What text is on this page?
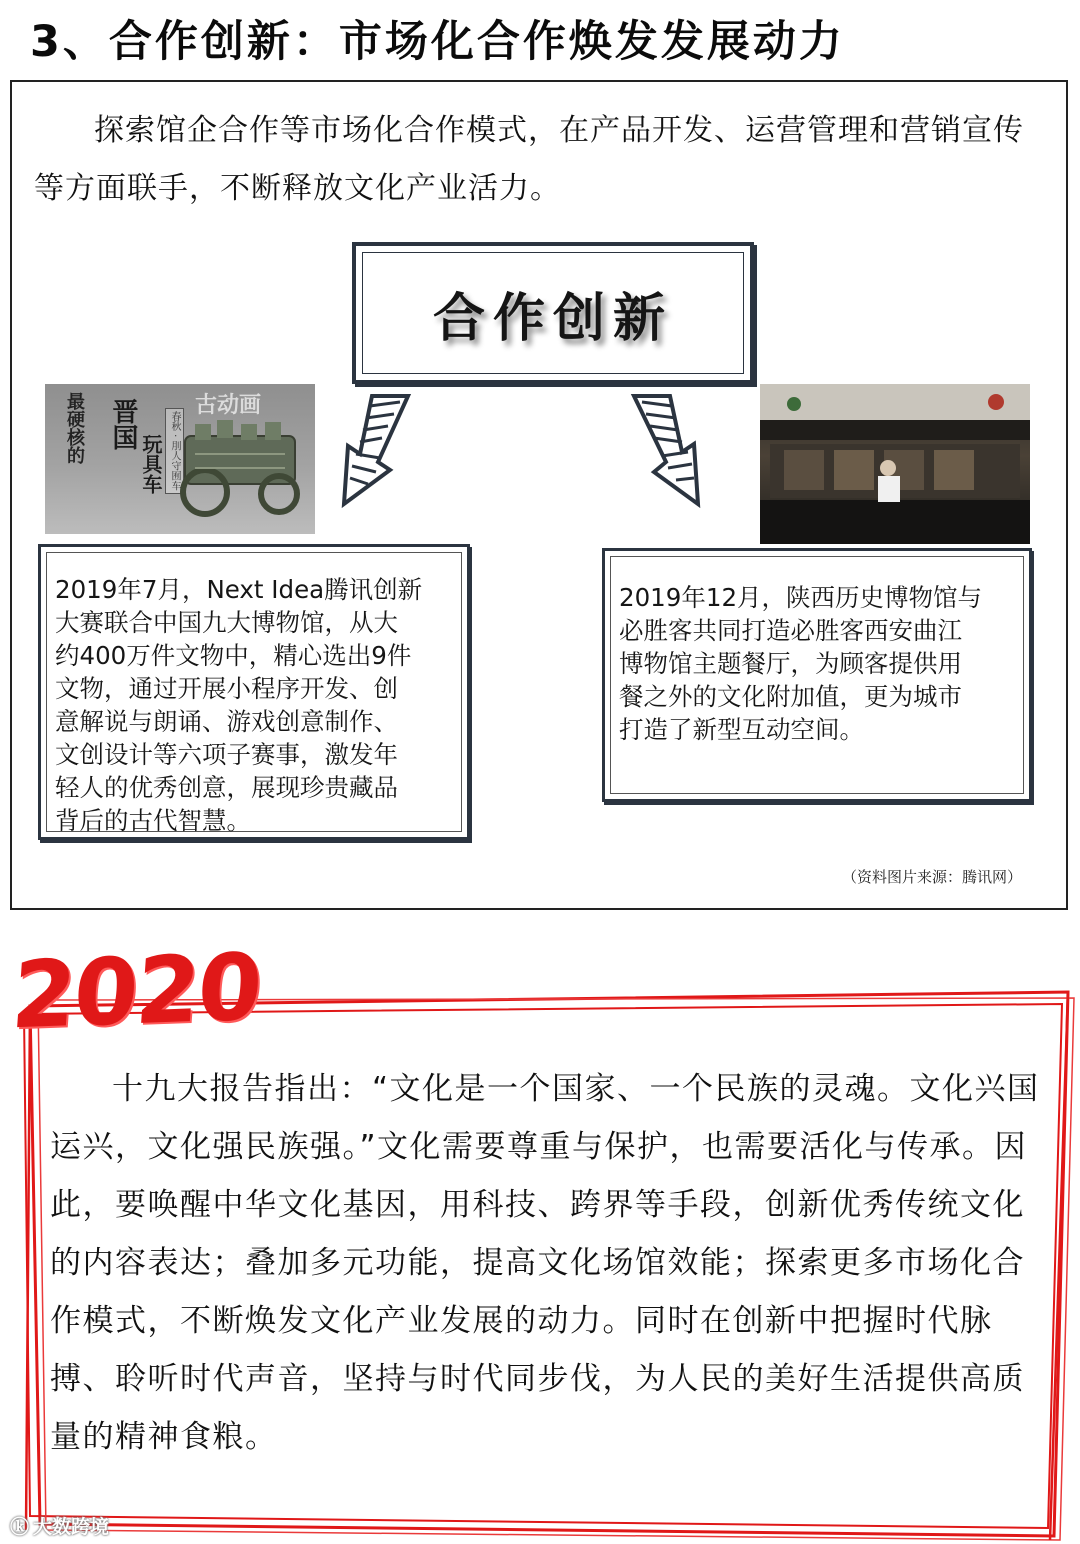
3、合作创新：市场化合作焕发发展动力

探索馆企合作等市场化合作模式，在产品开发、运营管理和营销宣传等方面联手，不断释放文化产业活力。

合作创新
最硬核的 晋国
玩具车 春秋 · 刖人守囿车
古动画

2019年7月，Next Idea腾讯创新
大赛联合中国九大博物馆，从大
约400万件文物中，精心选出9件
文物，通过开展小程序开发、创
意解说与朗诵、游戏创意制作、
文创设计等六项子赛事，激发年
轻人的优秀创意，展现珍贵藏品
背后的古代智慧。

2019年12月，陕西历史博物馆与
必胜客共同打造必胜客西安曲江
博物馆主题餐厅，为顾客提供用
餐之外的文化附加值，更为城市
打造了新型互动空间。

（资料图片来源：腾讯网）
2020

十九大报告指出：“文化是一个国家、一个民族的灵魂。文化兴国运兴，文化强民族强。”文化需要尊重与保护，也需要活化与传承。因此，要唤醒中华文化基因，用科技、跨界等手段，创新优秀传统文化的内容表达；叠加多元功能，提高文化场馆效能；探索更多市场化合作模式，不断焕发文化产业发展的动力。同时在创新中把握时代脉搏、聆听时代声音，坚持与时代同步伐，为人民的美好生活提供高质量的精神食粮。

ⓚ 大数跨境
